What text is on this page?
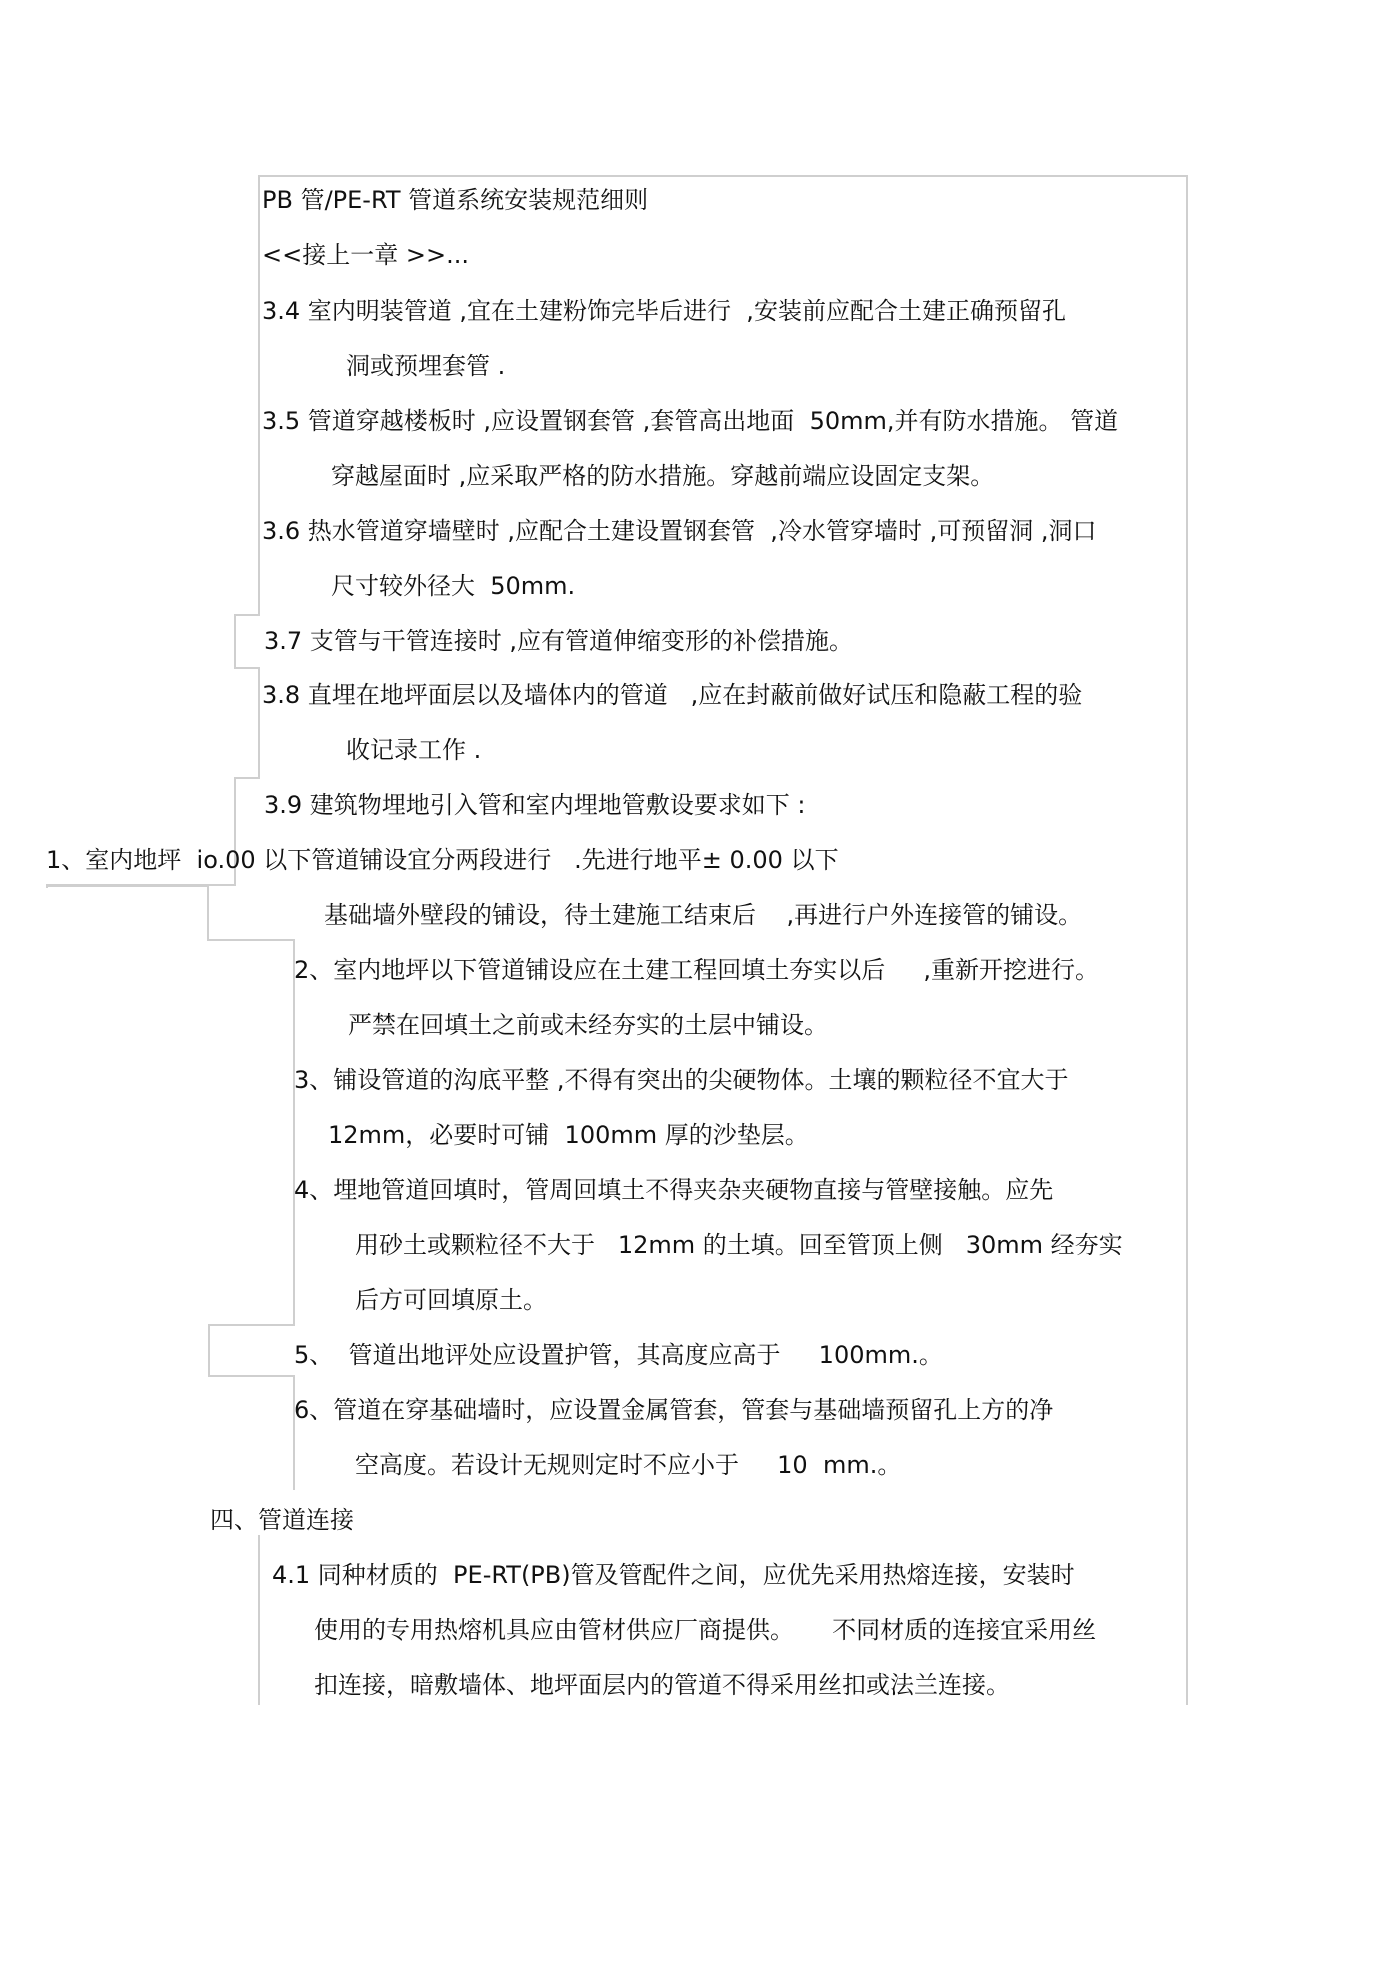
PB 管/PE-RT 管道系统安装规范细则
<<接上一章 >>...
3.4 室内明装管道 ,宜在土建粉饰完毕后进行  ,安装前应配合土建正确预留孔
洞或预埋套管 .
3.5 管道穿越楼板时 ,应设置钢套管 ,套管高出地面  50mm,并有防水措施。 管道
穿越屋面时 ,应采取严格的防水措施。穿越前端应设固定支架。
3.6 热水管道穿墙壁时 ,应配合土建设置钢套管  ,冷水管穿墙时 ,可预留洞 ,洞口
尺寸较外径大  50mm.
3.7 支管与干管连接时 ,应有管道伸缩变形的补偿措施。
3.8 直埋在地坪面层以及墙体内的管道   ,应在封蔽前做好试压和隐蔽工程的验
收记录工作 .
3.9 建筑物埋地引入管和室内埋地管敷设要求如下 :
1、室内地坪  io.00 以下管道铺设宜分两段进行   .先进行地平± 0.00 以下
基础墙外壁段的铺设，待土建施工结束后    ,再进行户外连接管的铺设。
2、室内地坪以下管道铺设应在土建工程回填土夯实以后     ,重新开挖进行。
严禁在回填土之前或未经夯实的土层中铺设。
3、铺设管道的沟底平整 ,不得有突出的尖硬物体。土壤的颗粒径不宜大于
12mm，必要时可铺  100mm 厚的沙垫层。
4、埋地管道回填时，管周回填土不得夹杂夹硬物直接与管壁接触。应先
用砂土或颗粒径不大于   12mm 的土填。回至管顶上侧   30mm 经夯实
后方可回填原土。
5、  管道出地评处应设置护管，其高度应高于     100mm.。
6、管道在穿基础墙时，应设置金属管套，管套与基础墙预留孔上方的净
空高度。若设计无规则定时不应小于     10  mm.。
四、管道连接
4.1 同种材质的  PE-RT(PB)管及管配件之间，应优先采用热熔连接，安装时
使用的专用热熔机具应由管材供应厂商提供。     不同材质的连接宜采用丝
扣连接，暗敷墙体、地坪面层内的管道不得采用丝扣或法兰连接。
